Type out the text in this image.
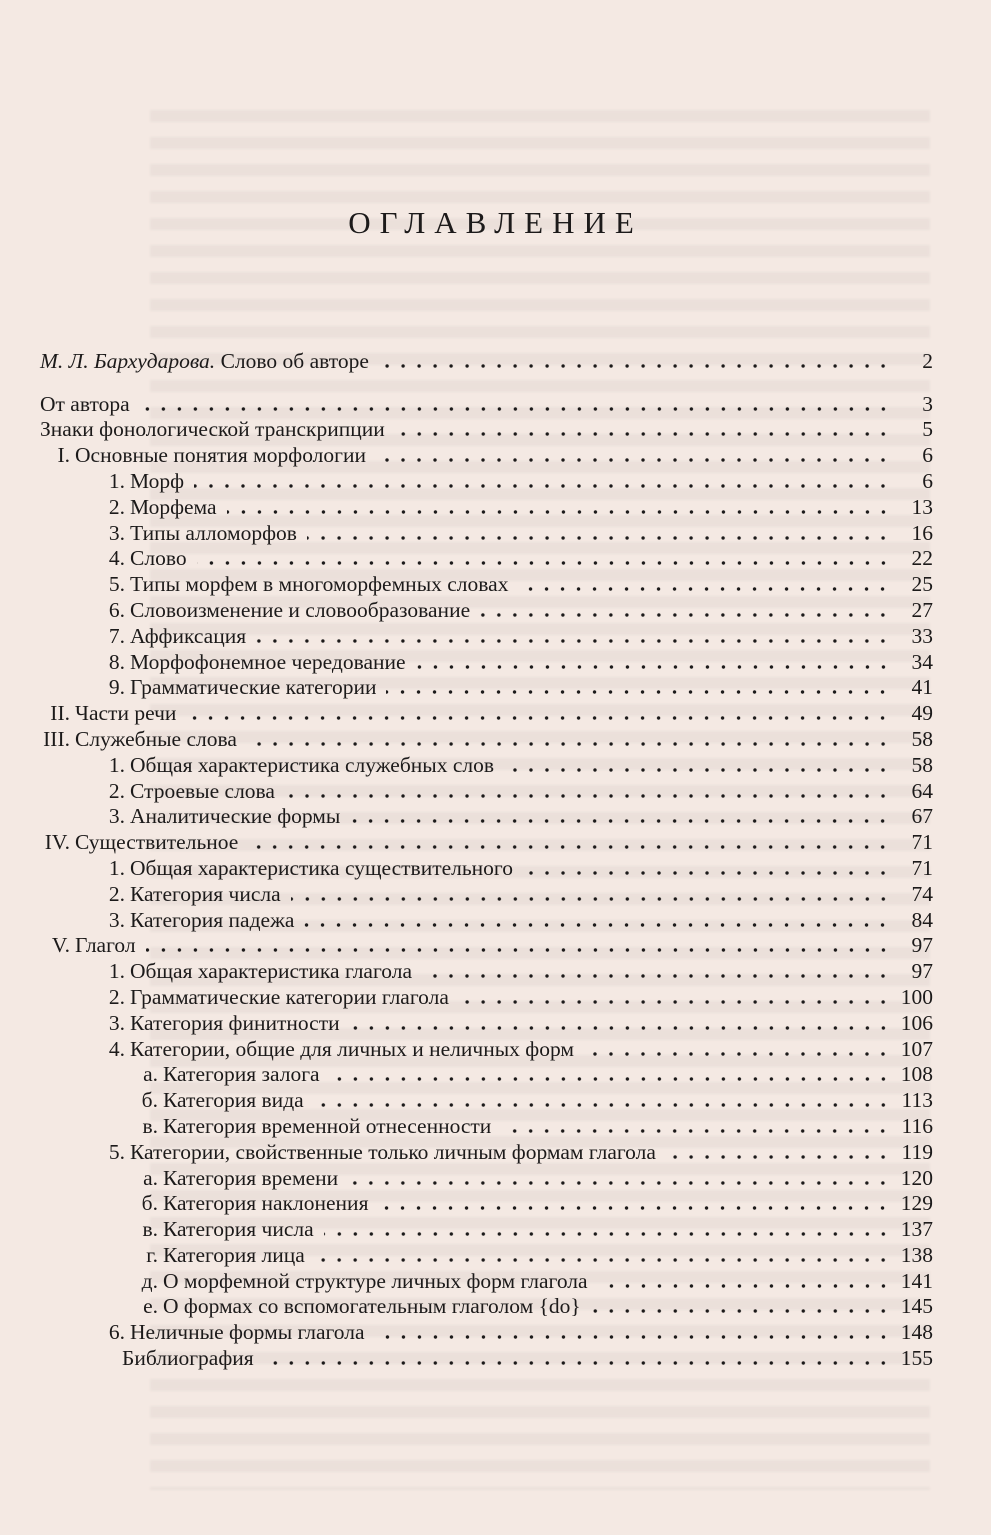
ОГЛАВЛЕНИЕ
М. Л. Бархударова. Слово об авторе	2
От автора	3
Знаки фонологической транскрипции	5
I. Основные понятия морфологии	6
1. Морф	6
2. Морфема	13
3. Типы алломорфов	16
4. Слово	22
5. Типы морфем в многоморфемных словах	25
6. Словоизменение и словообразование	27
7. Аффиксация	33
8. Морфофонемное чередование	34
9. Грамматические категории	41
II. Части речи	49
III. Служебные слова	58
1. Общая характеристика служебных слов	58
2. Строевые слова	64
3. Аналитические формы	67
IV. Существительное	71
1. Общая характеристика существительного	71
2. Категория числа	74
3. Категория падежа	84
V. Глагол	97
1. Общая характеристика глагола	97
2. Грамматические категории глагола	100
3. Категория финитности	106
4. Категории, общие для личных и неличных форм	107
а. Категория залога	108
б. Категория вида	113
в. Категория временной отнесенности	116
5. Категории, свойственные только личным формам глагола	119
а. Категория времени	120
б. Категория наклонения	129
в. Категория числа	137
г. Категория лица	138
д. О морфемной структуре личных форм глагола	141
е. О формах со вспомогательным глаголом {do}	145
6. Неличные формы глагола	148
Библиография	155
